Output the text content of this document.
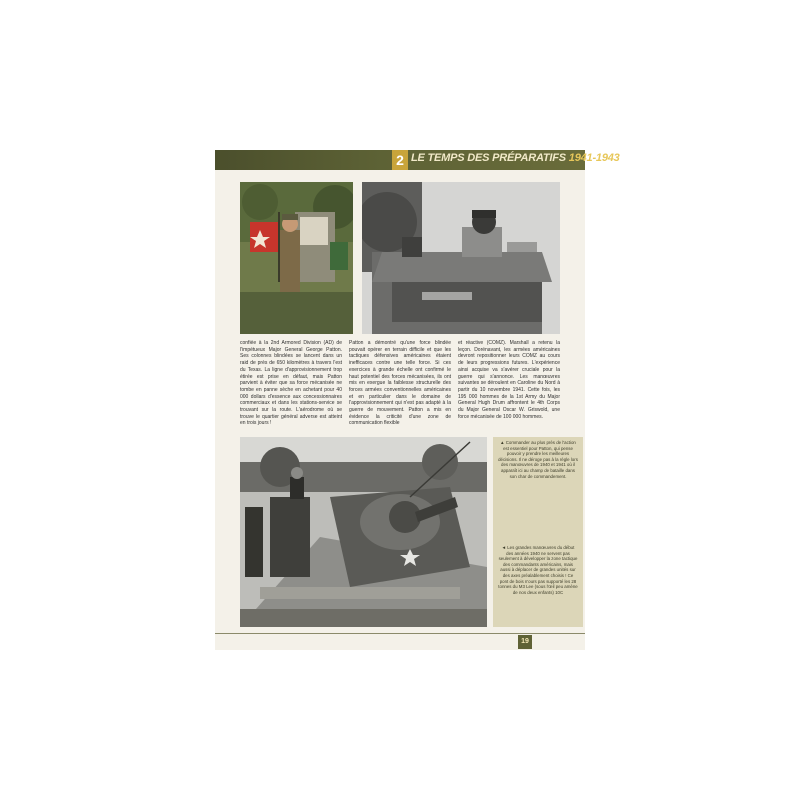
2 LE TEMPS DES PRÉPARATIFS 1941-1943
confiée à la 2nd Armored Division (AD) de l'impétueux Major General George Patton. Ses colonnes blindées se lancent dans un raid de près de 650 kilomètres à travers l'est du Texas. La ligne d'approvisionnement trop étirée est prise en défaut, mais Patton parvient à éviter que sa force mécanisée ne tombe en panne sèche en achetant pour 40 000 dollars d'essence aux concessionnaires commerciaux et dans les stations-service se trouvant sur la route. L'aérodrome où se trouve le quartier général adverse est atteint en trois jours !
Patton a démontré qu'une force blindée pouvait opérer en terrain difficile et que les tactiques défensives américaines étaient inefficaces contre une telle force. Si ces exercices à grande échelle ont confirmé le haut potentiel des forces mécanisées, ils ont mis en exergue la faiblesse structurelle des forces armées conventionnelles américaines et en particulier dans le domaine de l'approvisionnement qui n'est pas adapté à la guerre de mouvement. Patton a mis en évidence la criticité d'une zone de communication flexible
et réactive (COMZ). Marshall a retenu la leçon. Dorénavant, les armées américaines devront repositionner leurs COMZ au cours de leurs progressions futures. L'expérience ainsi acquise va s'avérer cruciale pour la guerre qui s'annonce. Les manœuvres suivantes se déroulent en Caroline du Nord à partir du 10 novembre 1941. Cette fois, les 195 000 hommes de la 1st Army du Major General Hugh Drum affrontent le 4th Corps du Major General Oscar W. Griswold, une force mécanisée de 100 000 hommes.
▲ Commander au plus près de l'action est essentiel pour Patton, qui pense pouvoir y prendre les meilleures décisions. Il ne déroge pas à la règle lors des manœuvres de 1940 et 1941 où il apparaît ici au champ de bataille dans son char de commandement.
◄ Les grandes manœuvres du début des années 1940 ne servent pas seulement à développer la zone tactique des commandants américains, mais aussi à déplacer de grandes unités sur des axes préalablement choisis ! Ce pont de bois n'ours pas supporté les 28 tonnes du M3 Lee (sous l'œil peu amène de nos deux enfants) 10C
19
